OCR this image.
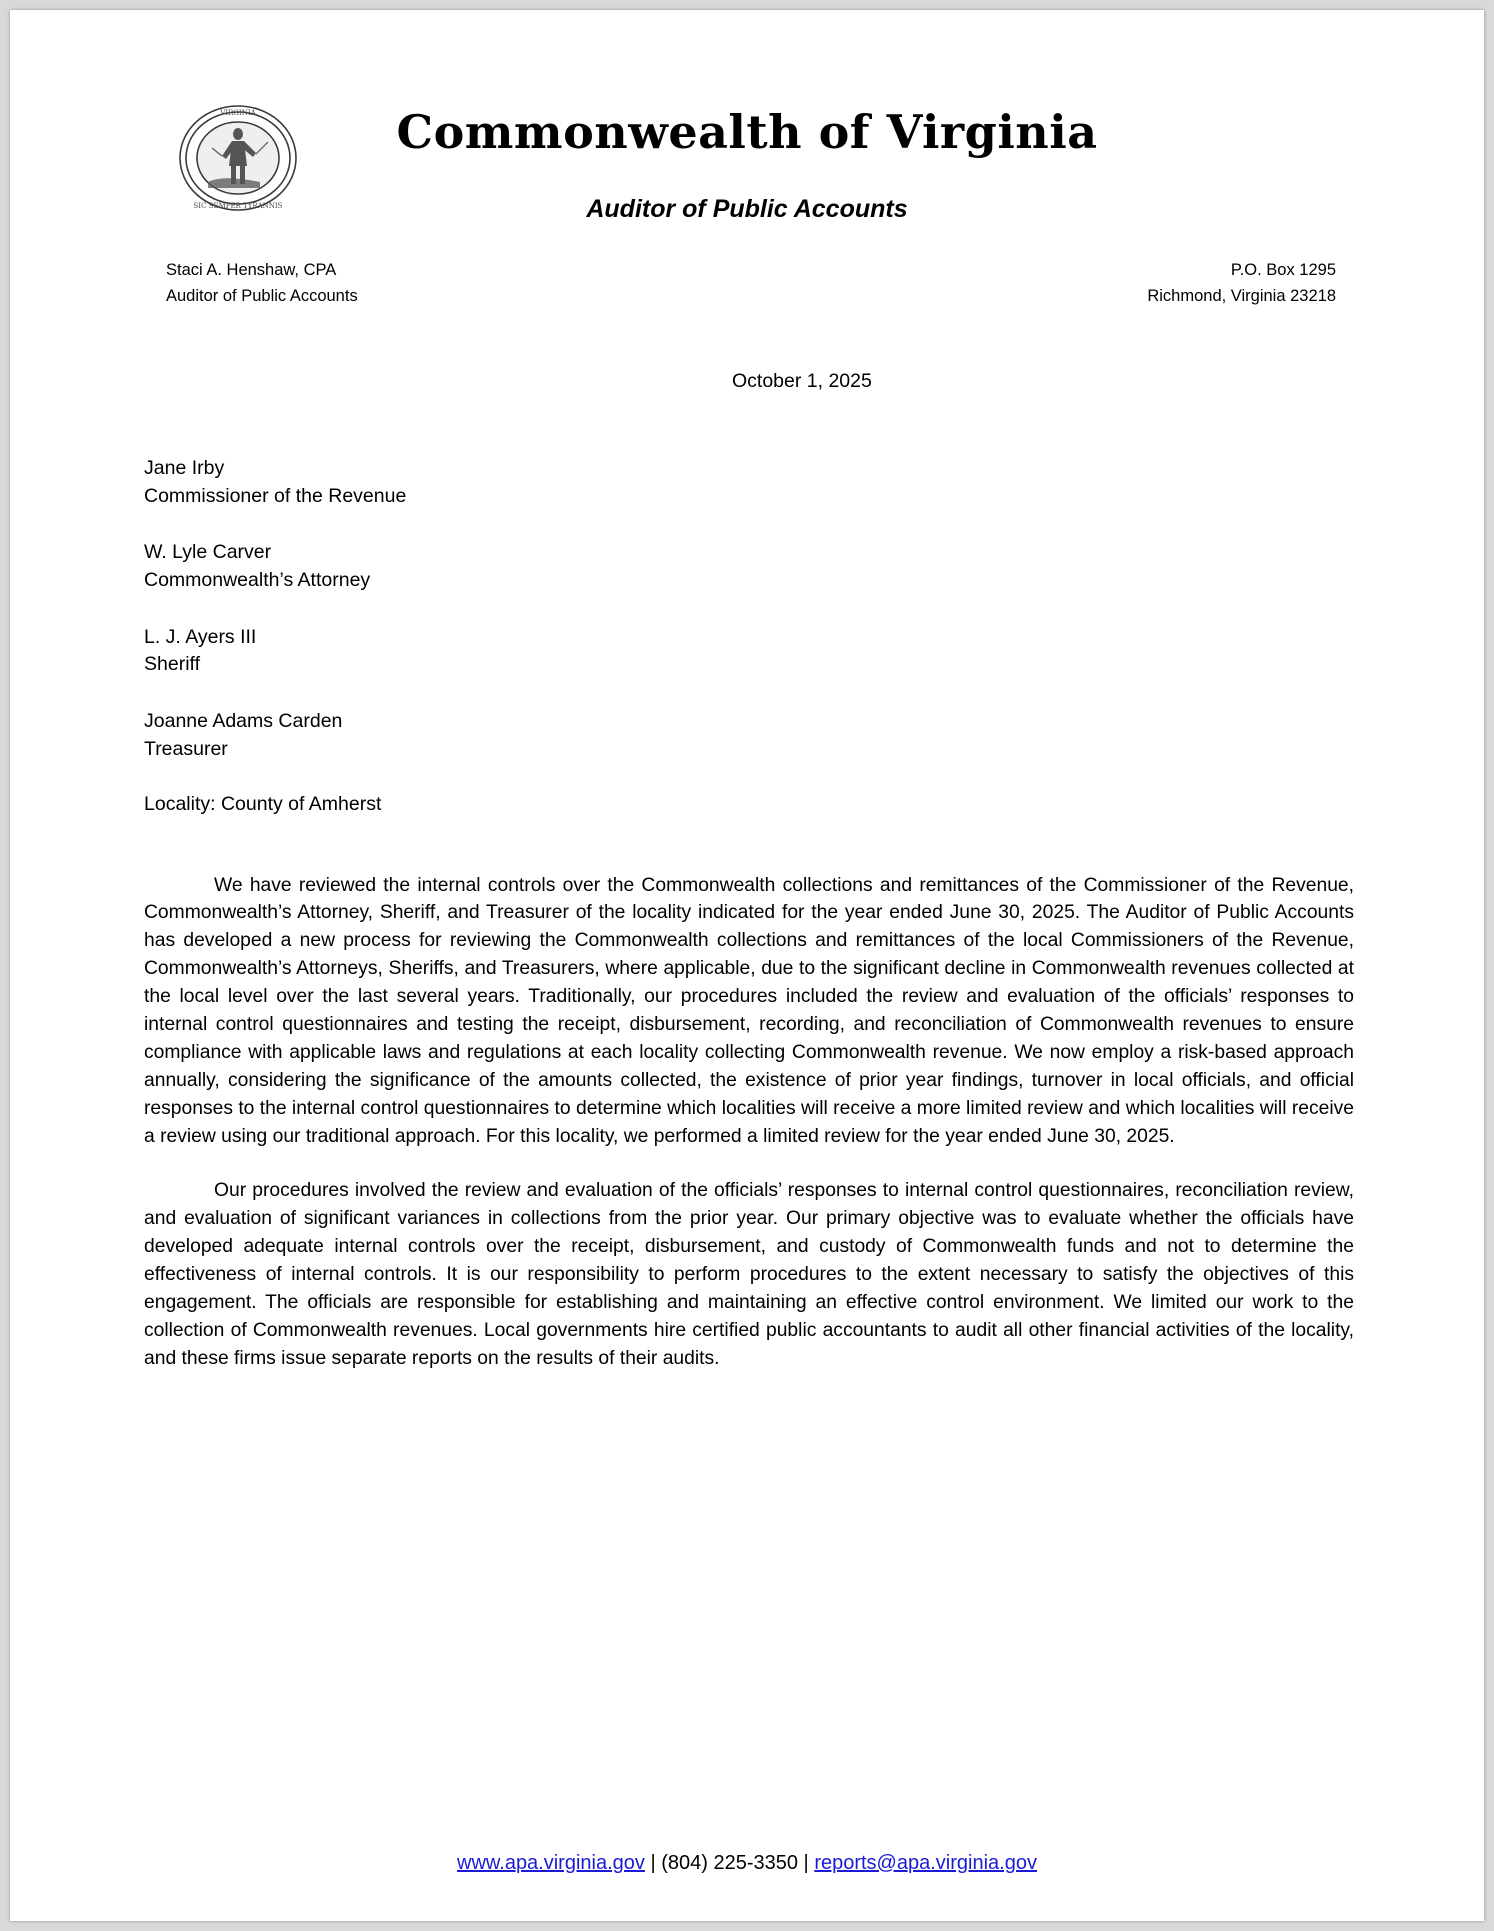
VIRGINIA
SIC SEMPER TYRANNIS
Commonwealth of Virginia
Auditor of Public Accounts
Staci A. Henshaw, CPA
Auditor of Public Accounts
P.O. Box 1295
Richmond, Virginia 23218
October 1, 2025
Jane Irby
Commissioner of the Revenue
W. Lyle Carver
Commonwealth’s Attorney
L. J. Ayers III
Sheriff
Joanne Adams Carden
Treasurer
Locality: County of Amherst

We have reviewed the internal controls over the Commonwealth collections and remittances of the Commissioner of the Revenue, Commonwealth’s Attorney, Sheriff, and Treasurer of the locality indicated for the year ended June 30, 2025. The Auditor of Public Accounts has developed a new process for reviewing the Commonwealth collections and remittances of the local Commissioners of the Revenue, Commonwealth’s Attorneys, Sheriffs, and Treasurers, where applicable, due to the significant decline in Commonwealth revenues collected at the local level over the last several years. Traditionally, our procedures included the review and evaluation of the officials’ responses to internal control questionnaires and testing the receipt, disbursement, recording, and reconciliation of Commonwealth revenues to ensure compliance with applicable laws and regulations at each locality collecting Commonwealth revenue. We now employ a risk-based approach annually, considering the significance of the amounts collected, the existence of prior year findings, turnover in local officials, and official responses to the internal control questionnaires to determine which localities will receive a more limited review and which localities will receive a review using our traditional approach. For this locality, we performed a limited review for the year ended June 30, 2025.

Our procedures involved the review and evaluation of the officials’ responses to internal control questionnaires, reconciliation review, and evaluation of significant variances in collections from the prior year. Our primary objective was to evaluate whether the officials have developed adequate internal controls over the receipt, disbursement, and custody of Commonwealth funds and not to determine the effectiveness of internal controls. It is our responsibility to perform procedures to the extent necessary to satisfy the objectives of this engagement. The officials are responsible for establishing and maintaining an effective control environment. We limited our work to the collection of Commonwealth revenues. Local governments hire certified public accountants to audit all other financial activities of the locality, and these firms issue separate reports on the results of their audits.

www.apa.virginia.gov | (804) 225-3350 | reports@apa.virginia.gov
